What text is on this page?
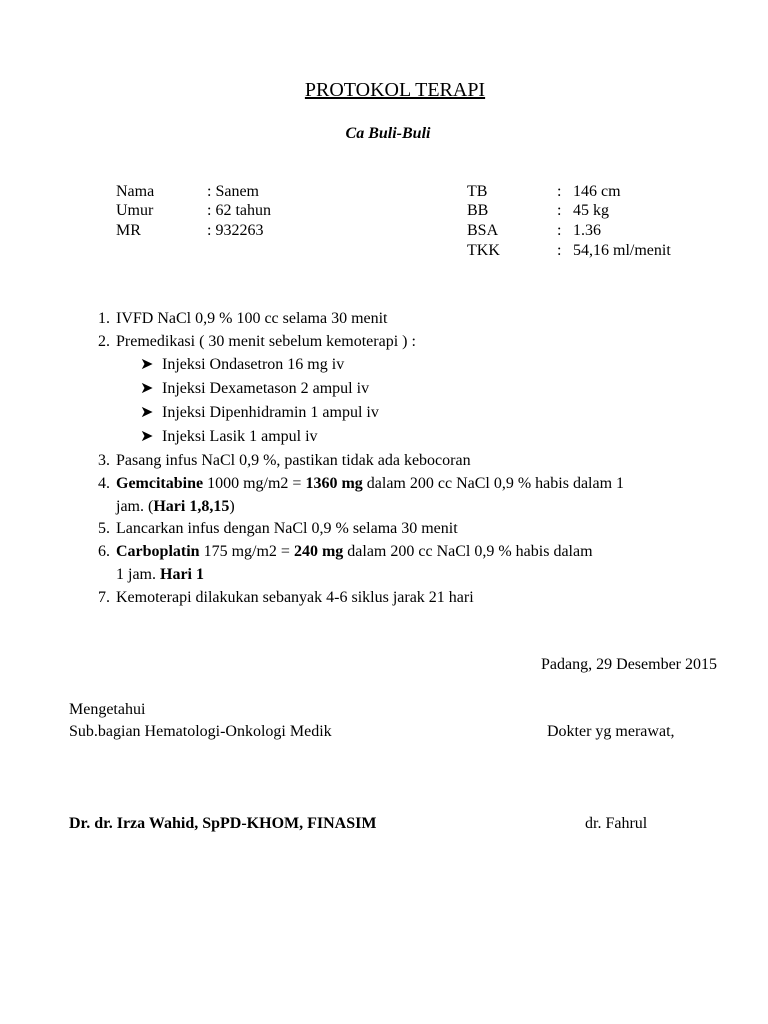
PROTOKOL TERAPI
Ca Buli-Buli
Nama	: Sanem
Umur	: 62 tahun
MR	: 932263
TB	: 146 cm
BB	: 45 kg
BSA	: 1.36
TKK	: 54,16 ml/menit
1. IVFD NaCl 0,9 % 100 cc selama 30 menit
2. Premedikasi ( 30 menit sebelum kemoterapi ) :
➤ Injeksi Ondasetron 16 mg iv
➤ Injeksi Dexametason 2 ampul iv
➤ Injeksi Dipenhidramin 1 ampul iv
➤ Injeksi Lasik 1 ampul iv
3. Pasang infus NaCl 0,9 %, pastikan tidak ada kebocoran
4. Gemcitabine 1000 mg/m2 = 1360 mg dalam 200 cc NaCl 0,9 % habis dalam 1
jam. (Hari 1,8,15)
5. Lancarkan infus dengan NaCl 0,9 % selama 30 menit
6. Carboplatin 175 mg/m2 = 240 mg dalam 200 cc NaCl 0,9 % habis dalam
1 jam. Hari 1
7. Kemoterapi dilakukan sebanyak 4-6 siklus jarak 21 hari
Padang, 29 Desember 2015
Mengetahui
Sub.bagian Hematologi-Onkologi Medik	Dokter yg merawat,
Dr. dr. Irza Wahid, SpPD-KHOM, FINASIM	dr. Fahrul
